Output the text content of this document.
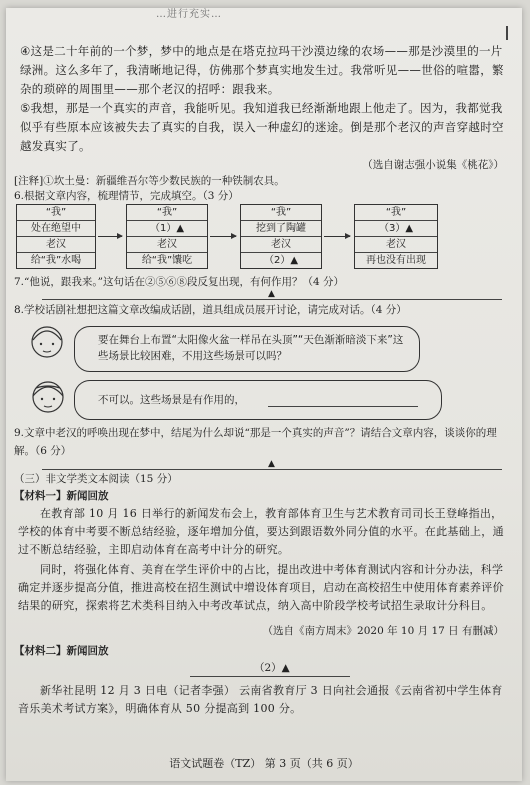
…进行充实…
④这是二十年前的一个梦，梦中的地点是在塔克拉玛干沙漠边缘的农场——那是沙漠里的一片绿洲。这么多年了，我清晰地记得，仿佛那个梦真实地发生过。我常听见——世俗的喧嚣，繁杂的琐碎的周围里——那个老汉的招呼：跟我来。
⑤我想，那是一个真实的声音，我能听见。我知道我已经渐渐地跟上他走了。因为，我都觉我似乎有些原本应该被失去了真实的自我，误入一种虚幻的迷途。倒是那个老汉的声音穿越时空越发真实了。
（选自谢志强小说集《桃花》）
[注释]①坎土曼：新疆维吾尔等少数民族的一种铁制农具。
6.根据文章内容，梳理情节，完成填空。（3 分）
“我”
处在绝望中
老汉
给“我”水喝
“我”
（1）▲
老汉
给“我”馕吃
“我”
挖到了陶罐
老汉
（2）▲
“我”
（3）▲
老汉
再也没有出现
7.“他说，跟我来。”这句话在②⑤⑥⑧段反复出现，有何作用？（4 分）
▲
8.学校话剧社想把这篇文章改编成话剧，道具组成员展开讨论，请完成对话。（4 分）
要在舞台上布置“太阳像火盆一样吊在头顶”“天色渐渐暗淡下来”这些场景比较困难，不用这些场景可以吗？
不可以。这些场景是有作用的，
9.文章中老汉的呼唤出现在梦中，结尾为什么却说“那是一个真实的声音”？请结合文章内容，谈谈你的理解。（6 分）
▲
（三）非文学类文本阅读（15 分）
【材料一】新闻回放
在教育部 10 月 16 日举行的新闻发布会上，教育部体育卫生与艺术教育司司长王登峰指出，学校的体育中考要不断总结经验，逐年增加分值，要达到跟语数外同分值的水平。在此基础上，通过不断总结经验，主即启动体育在高考中计分的研究。
同时，将强化体育、美育在学生评价中的占比，提出改进中考体育测试内容和计分办法，科学确定并逐步提高分值，推进高校在招生测试中增设体育项目，启动在高校招生中使用体育素养评价结果的研究，探索将艺术类科目纳入中考改革试点，纳入高中阶段学校考试招生录取计分科目。
（选自《南方周末》2020 年 10 月 17 日 有删减）
【材料二】新闻回放
（2）▲
新华社昆明 12 月 3 日电（记者李强） 云南省教育厅 3 日向社会通报《云南省初中学生体育音乐美术考试方案》，明确体育从 50 分提高到 100 分。
语文试题卷（TZ） 第 3 页（共 6 页）
